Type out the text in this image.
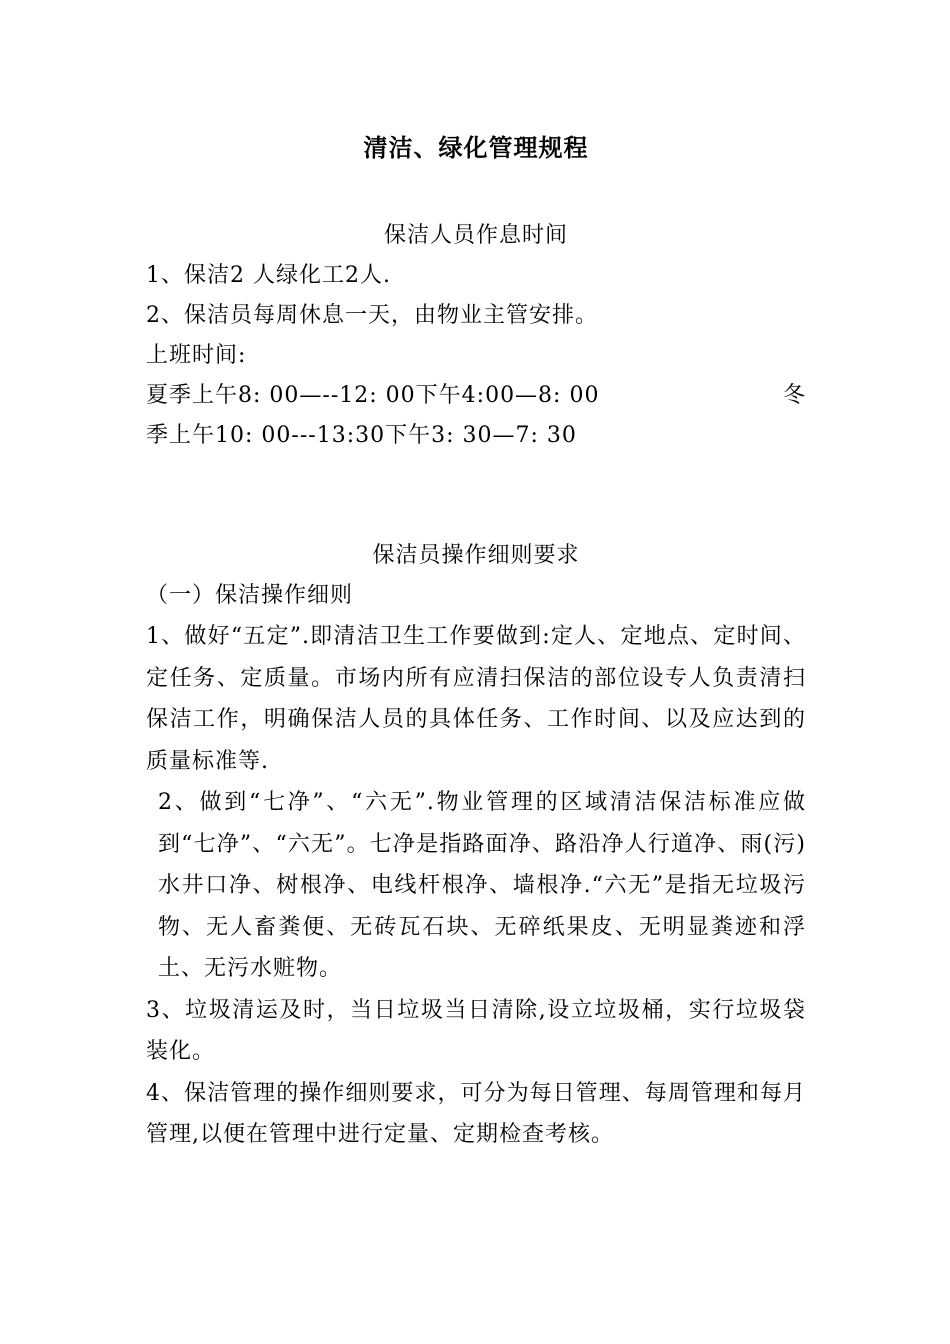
清洁、绿化管理规程
保洁人员作息时间
1、保洁2 人绿化工2人.
2、保洁员每周休息一天，由物业主管安排。
上班时间:
夏季上午8: 00—--12: 00下午4:00—8: 00	冬
季上午10: 00---13:30下午3: 30—7: 30
保洁员操作细则要求
（一）保洁操作细则
1、做好“五定”.即清洁卫生工作要做到:定人、定地点、定时间、定任务、定质量。市场内所有应清扫保洁的部位设专人负责清扫保洁工作，明确保洁人员的具体任务、工作时间、以及应达到的质量标准等.
2、做到“七净”、“六无”.物业管理的区域清洁保洁标准应做到“七净”、“六无”。七净是指路面净、路沿净人行道净、雨(污)水井口净、树根净、电线杆根净、墙根净.“六无”是指无垃圾污物、无人畜粪便、无砖瓦石块、无碎纸果皮、无明显粪迹和浮土、无污水赃物。
3、垃圾清运及时，当日垃圾当日清除,设立垃圾桶，实行垃圾袋装化。
4、保洁管理的操作细则要求，可分为每日管理、每周管理和每月管理,以便在管理中进行定量、定期检查考核。
